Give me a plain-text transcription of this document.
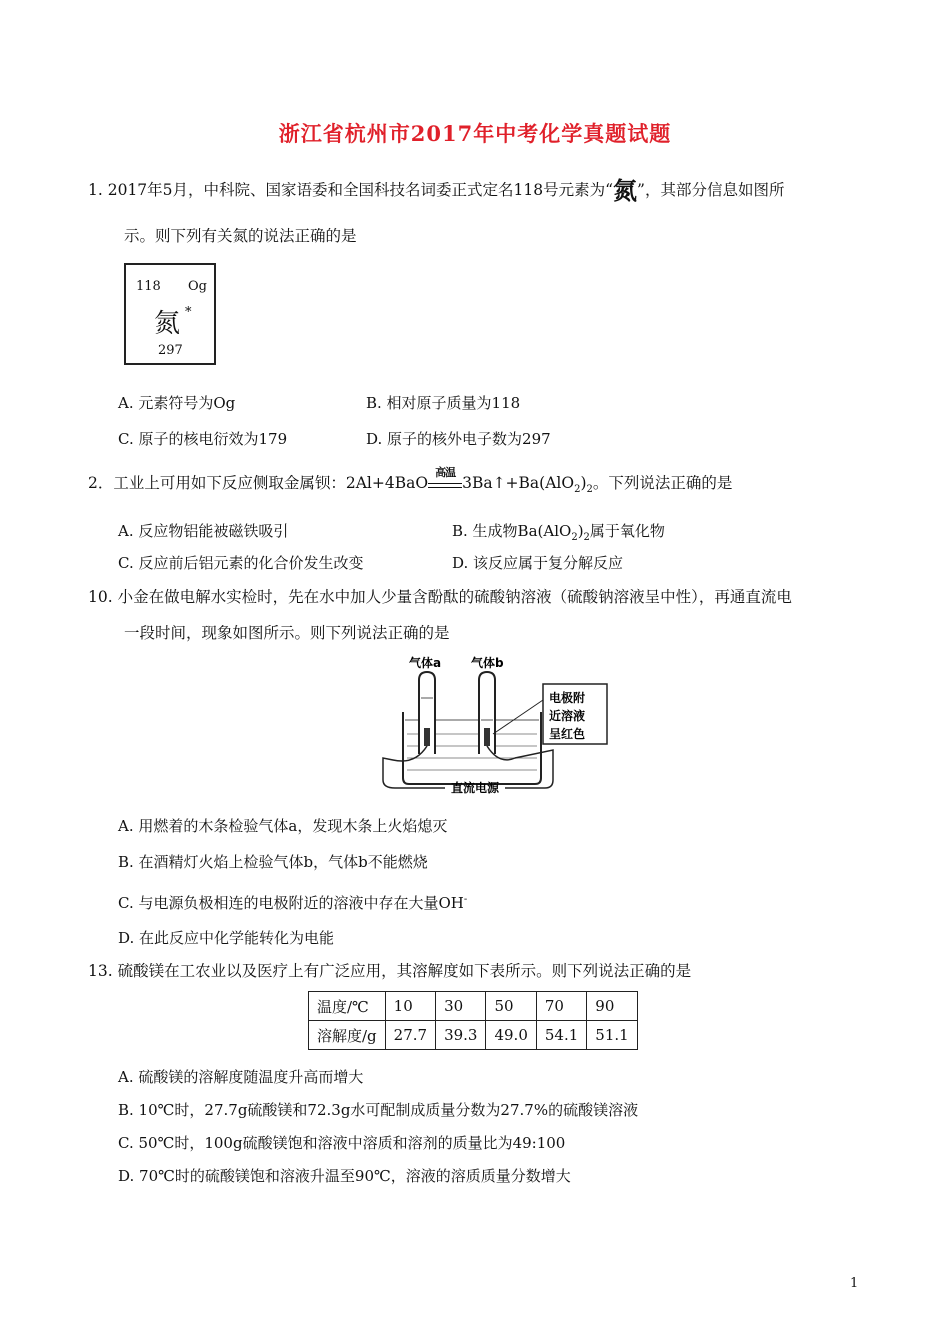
浙江省杭州市2017年中考化学真题试题
1. 2017年5月，中科院、国家语委和全国科技名词委正式定名118号元素为“氮”，其部分信息如图所
示。则下列有关氮的说法正确的是
118 Og
氮 *
297
A. 元素符号为Og	B. 相对原子质量为118
C. 原子的核电衍效为179	D. 原子的核外电子数为297
2．工业上可用如下反应侧取金属钡：2Al+4BaO
高温
$3Ba↑+Ba(AlO_2)_2$。下列说法正确的是
A. 反应物铝能被磁铁吸引	B. 生成物$Ba(AlO_2)_2$属于氧化物
C. 反应前后铝元素的化合价发生改变	D. 该反应属于复分解反应
10. 小金在做电解水实检时，先在水中加人少量含酚酞的硫酸钠溶液（硫酸钠溶液呈中性），再通直流电
一段时间，现象如图所示。则下列说法正确的是
气体a 气体b
直流电源
电极附
近溶液
呈红色
A. 用燃着的木条检验气体a，发现木条上火焰熄灭
B. 在酒精灯火焰上检验气体b，气体b不能燃烧
C. 与电源负极相连的电极附近的溶液中存在大量OH-
D. 在此反应中化学能转化为电能
13. 硫酸镁在工农业以及医疗上有广泛应用，其溶解度如下表所示。则下列说法正确的是
温度/℃	10	30	50	70	90
溶解度/g	27.7	39.3	49.0	54.1	51.1
A. 硫酸镁的溶解度随温度升高而增大
B. 10℃时，27.7g硫酸镁和72.3g水可配制成质量分数为27.7%的硫酸镁溶液
C. 50℃时，100g硫酸镁饱和溶液中溶质和溶剂的质量比为49:100
D. 70℃时的硫酸镁饱和溶液升温至90℃，溶液的溶质质量分数增大
1
